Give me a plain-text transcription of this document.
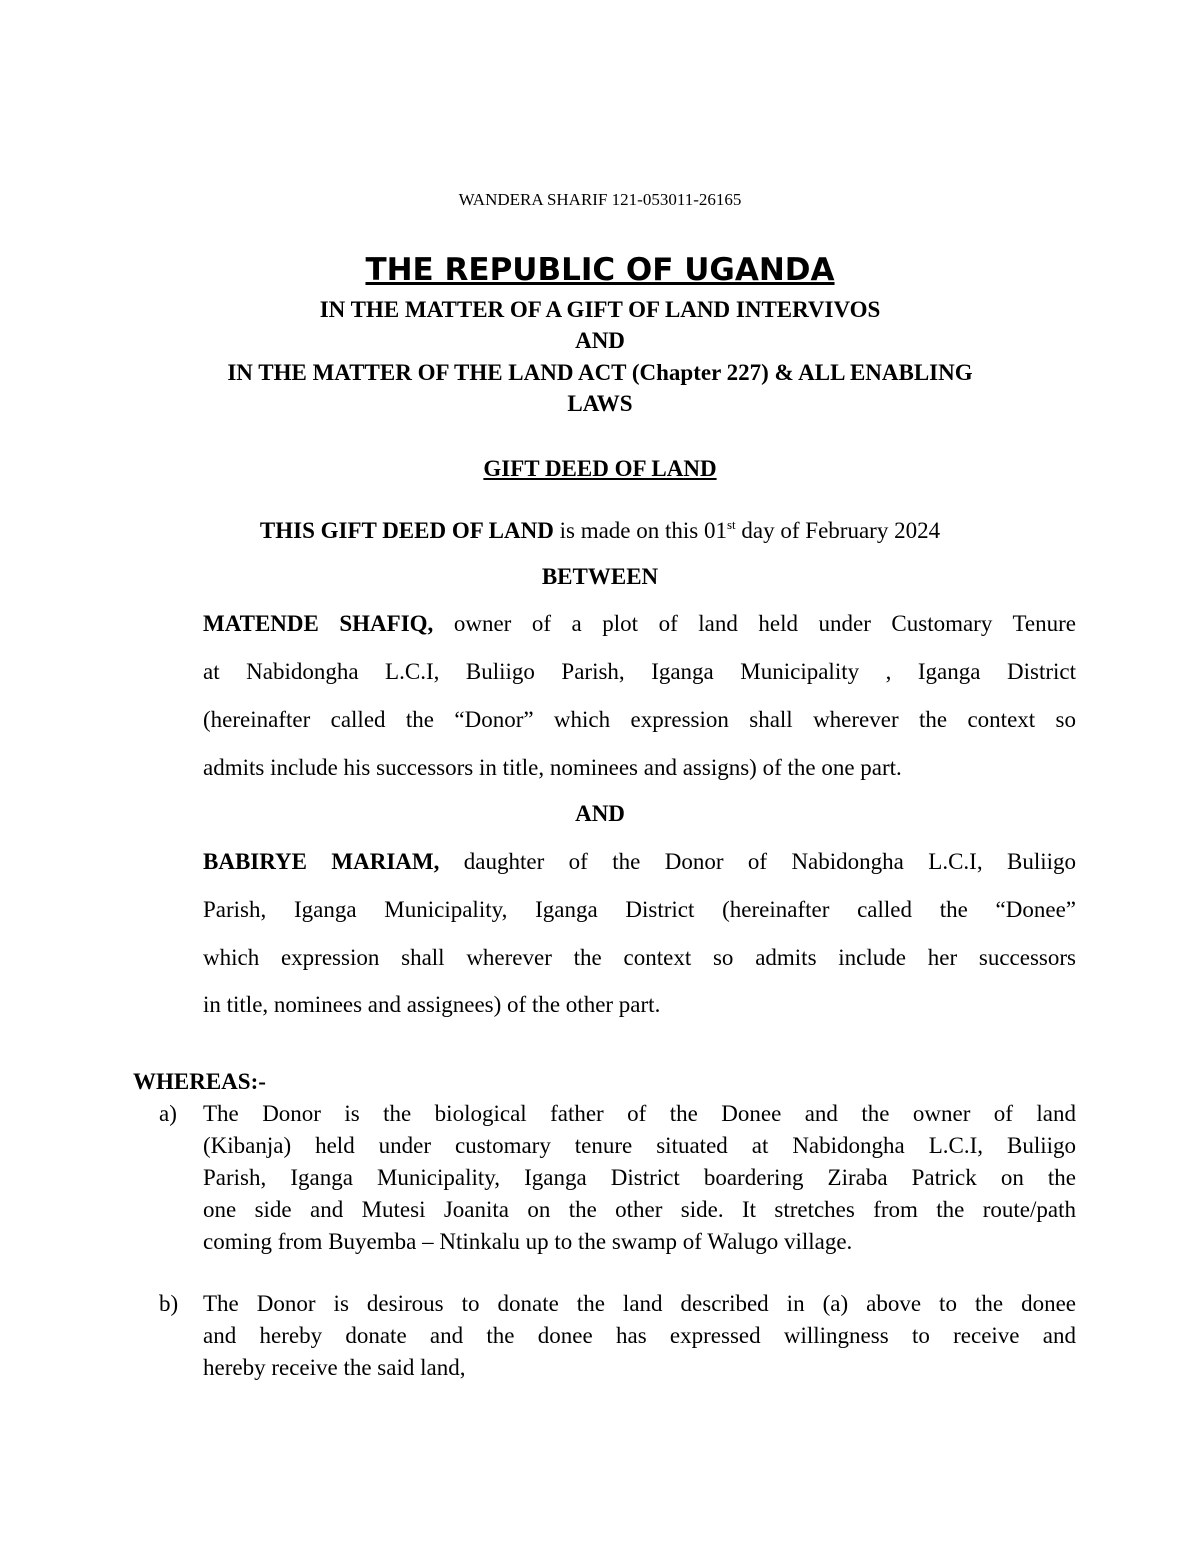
WANDERA SHARIF 121-053011-26165
THE REPUBLIC OF UGANDA
IN THE MATTER OF A GIFT OF LAND INTERVIVOS
AND
IN THE MATTER OF THE LAND ACT (Chapter 227) & ALL ENABLING
LAWS
GIFT DEED OF LAND
THIS GIFT DEED OF LAND is made on this 01st day of February 2024
BETWEEN
MATENDE SHAFIQ, owner of a plot of land held under Customary Tenure
at Nabidongha L.C.I, Buliigo Parish, Iganga Municipality , Iganga District
(hereinafter called the “Donor” which expression shall wherever the context so
admits include his successors in title, nominees and assigns) of the one part.
AND
BABIRYE MARIAM, daughter of the Donor of Nabidongha L.C.I, Buliigo
Parish, Iganga Municipality, Iganga District (hereinafter called the “Donee”
which expression shall wherever the context so admits include her successors
in title, nominees and assignees) of the other part.
WHEREAS:-
a) The Donor is the biological father of the Donee and the owner of land
(Kibanja) held under customary tenure situated at Nabidongha L.C.I, Buliigo
Parish, Iganga Municipality, Iganga District boardering Ziraba Patrick on the
one side and Mutesi Joanita on the other side. It stretches from the route/path
coming from Buyemba – Ntinkalu up to the swamp of Walugo village.
b) The Donor is desirous to donate the land described in (a) above to the donee
and hereby donate and the donee has expressed willingness to receive and
hereby receive the said land,
